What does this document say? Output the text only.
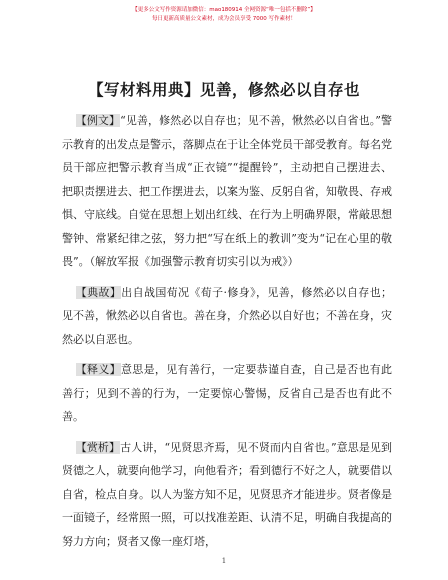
【更多公文写作资源请加微信：mao180914 全网资源“唯一包括不删除”】
每日更新高质量公文素材，成为会员享受 7000 写作素材！
【写材料用典】见善，修然必以自存也

【例文】“见善，修然必以自存也；见不善，愀然必以自省也。”警示教育的出发点是警示，落脚点在于让全体党员干部受教育。每名党员干部应把警示教育当成“正衣镜”“提醒铃”，主动把自己摆进去、把职责摆进去、把工作摆进去，以案为鉴、反躬自省，知敬畏、存戒惧、守底线。自觉在思想上划出红线、在行为上明确界限，常敲思想警钟、常紧纪律之弦，努力把“写在纸上的教训”变为“记在心里的敬畏”。（解放军报《加强警示教育切实引以为戒》）

【典故】出自战国荀况《荀子·修身》，见善，修然必以自存也；见不善，愀然必以自省也。善在身，介然必以自好也；不善在身，灾然必以自恶也。

【释义】意思是，见有善行，一定要恭谨自查，自己是否也有此善行；见到不善的行为，一定要惊心警惕，反省自己是否也有此不善。

【赏析】古人讲，“见贤思齐焉，见不贤而内自省也。”意思是见到贤德之人，就要向他学习，向他看齐；看到德行不好之人，就要借以自省，检点自身。以人为鉴方知不足，见贤思齐才能进步。贤者像是一面镜子，经常照一照，可以找准差距、认清不足，明确自我提高的努力方向；贤者又像一座灯塔，

1
